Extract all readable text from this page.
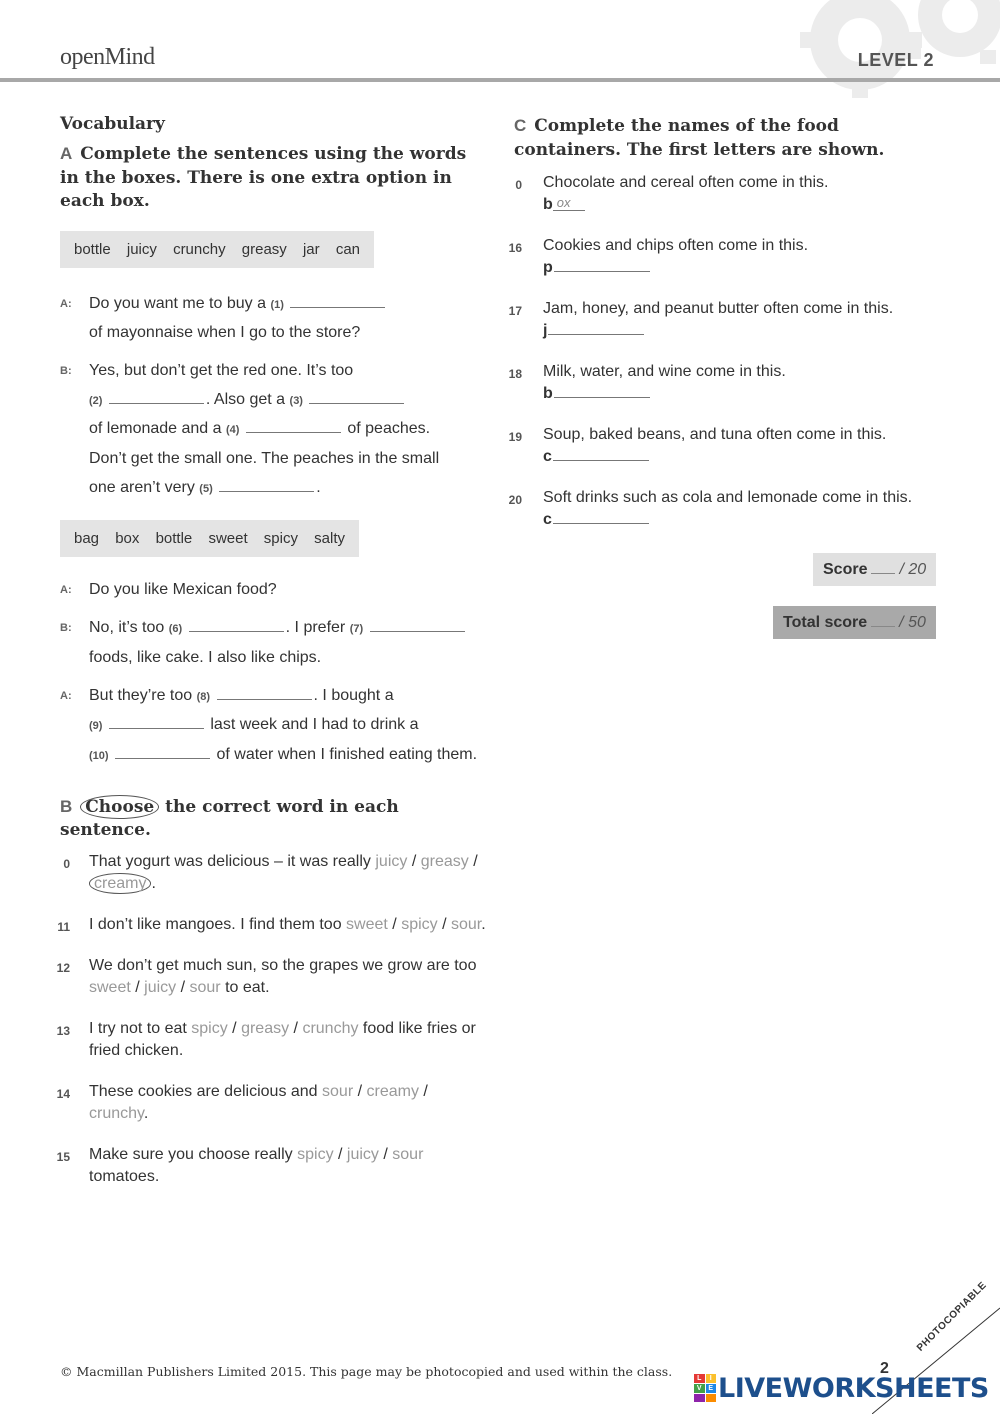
openMind	LEVEL 2
Vocabulary
A Complete the sentences using the words in the boxes. There is one extra option in each box.
bottle juicy crunchy greasy jar can
A: Do you want me to buy a (1)
of mayonnaise when I go to the store?
B: Yes, but don’t get the red one. It’s too
(2)	. Also get a (3)
of lemonade and a (4)	of peaches.
Don’t get the small one. The peaches in the small
one aren’t very (5)	.
bag box bottle sweet spicy salty
A: Do you like Mexican food?
B: No, it’s too (6)	. I prefer (7)
foods, like cake. I also like chips.
A: But they’re too (8)	. I bought a
(9)	last week and I had to drink a
(10)	of water when I finished eating them.
B Choose the correct word in each sentence.
0 That yogurt was delicious – it was really juicy / greasy / creamy .
11 I don’t like mangoes. I find them too sweet / spicy / sour.
12 We don’t get much sun, so the grapes we grow are too sweet / juicy / sour to eat.
13 I try not to eat spicy / greasy / crunchy food like fries or fried chicken.
14 These cookies are delicious and sour / creamy / crunchy.
15 Make sure you choose really spicy / juicy / sour tomatoes.
C Complete the names of the food containers. The first letters are shown.
0 Chocolate and cereal often come in this.
b ox
16 Cookies and chips often come in this.
p
17 Jam, honey, and peanut butter often come in this.
j
18 Milk, water, and wine come in this.
b
19 Soup, baked beans, and tuna often come in this.
c
20 Soft drinks such as cola and lemonade come in this.
c
Score / 20
Total score / 50
© Macmillan Publishers Limited 2015. This page may be photocopied and used within the class.	2
PHOTOCOPIABLE
L	I
V E LIVEWORKSHEETS
